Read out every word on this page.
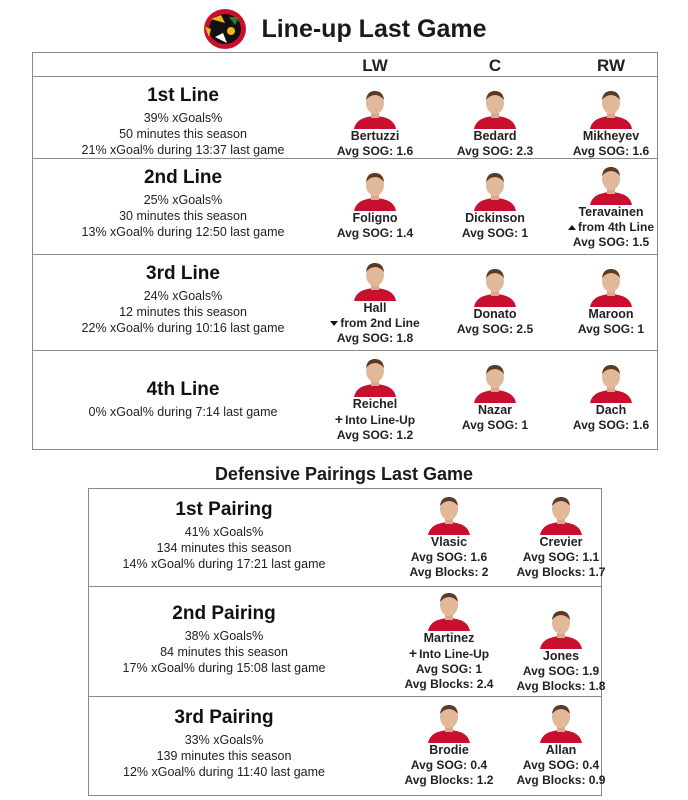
Line-up Last Game
LW	C	RW
1st Line
39% xGoals%
50 minutes this season
21% xGoal% during 13:37 last game
Bertuzzi
Avg SOG: 1.6
Bedard
Avg SOG: 2.3
Mikheyev
Avg SOG: 1.6
2nd Line
25% xGoals%
30 minutes this season
13% xGoal% during 12:50 last game
Foligno
Avg SOG: 1.4
Dickinson
Avg SOG: 1
Teravainen
from 4th Line
Avg SOG: 1.5
3rd Line
24% xGoals%
12 minutes this season
22% xGoal% during 10:16 last game
Hall
from 2nd Line
Avg SOG: 1.8
Donato
Avg SOG: 2.5
Maroon
Avg SOG: 1
4th Line
0% xGoal% during 7:14 last game
Reichel
+ Into Line-Up
Avg SOG: 1.2
Nazar
Avg SOG: 1
Dach
Avg SOG: 1.6
Defensive Pairings Last Game
1st Pairing
41% xGoals%
134 minutes this season
14% xGoal% during 17:21 last game
Vlasic
Avg SOG: 1.6
Avg Blocks: 2
Crevier
Avg SOG: 1.1
Avg Blocks: 1.7
2nd Pairing
38% xGoals%
84 minutes this season
17% xGoal% during 15:08 last game
Martinez
+ Into Line-Up
Avg SOG: 1
Avg Blocks: 2.4
Jones
Avg SOG: 1.9
Avg Blocks: 1.8
3rd Pairing
33% xGoals%
139 minutes this season
12% xGoal% during 11:40 last game
Brodie
Avg SOG: 0.4
Avg Blocks: 1.2
Allan
Avg SOG: 0.4
Avg Blocks: 0.9
